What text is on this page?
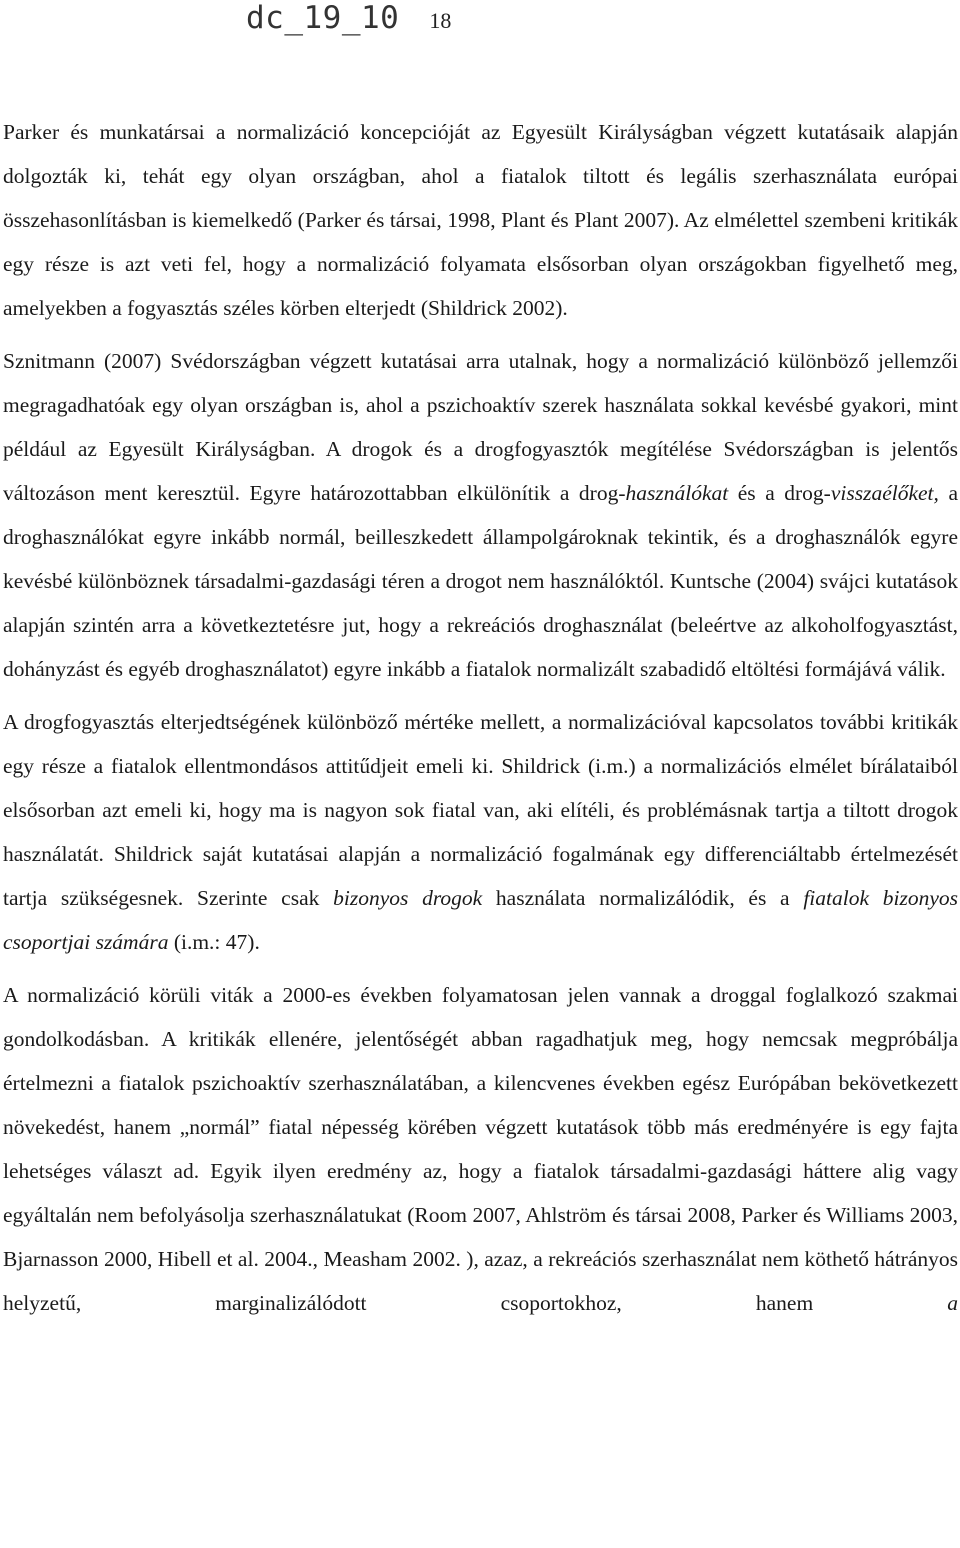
dc_19_10 18

Parker és munkatársai a normalizáció koncepcióját az Egyesült Királyságban végzett kutatásaik alapján dolgozták ki, tehát egy olyan országban, ahol a fiatalok tiltott és legális szerhasználata európai összehasonlításban is kiemelkedő (Parker és társai, 1998, Plant és Plant 2007). Az elmélettel szembeni kritikák egy része is azt veti fel, hogy a normalizáció folyamata elsősorban olyan országokban figyelhető meg, amelyekben a fogyasztás széles körben elterjedt (Shildrick 2002).

Sznitmann (2007) Svédországban végzett kutatásai arra utalnak, hogy a normalizáció különböző jellemzői megragadhatóak egy olyan országban is, ahol a pszichoaktív szerek használata sokkal kevésbé gyakori, mint például az Egyesült Királyságban. A drogok és a drogfogyasztók megítélése Svédországban is jelentős változáson ment keresztül. Egyre határozottabban elkülönítik a drog-használókat és a drog-visszaélőket, a droghasználókat egyre inkább normál, beilleszkedett állampolgároknak tekintik, és a droghasználók egyre kevésbé különböznek társadalmi-gazdasági téren a drogot nem használóktól. Kuntsche (2004) svájci kutatások alapján szintén arra a következtetésre jut, hogy a rekreációs droghasználat (beleértve az alkoholfogyasztást, dohányzást és egyéb droghasználatot) egyre inkább a fiatalok normalizált szabadidő eltöltési formájává válik.

A drogfogyasztás elterjedtségének különböző mértéke mellett, a normalizációval kapcsolatos további kritikák egy része a fiatalok ellentmondásos attitűdjeit emeli ki. Shildrick (i.m.) a normalizációs elmélet bírálataiból elsősorban azt emeli ki, hogy ma is nagyon sok fiatal van, aki elítéli, és problémásnak tartja a tiltott drogok használatát. Shildrick saját kutatásai alapján a normalizáció fogalmának egy differenciáltabb értelmezését tartja szükségesnek. Szerinte csak bizonyos drogok használata normalizálódik, és a fiatalok bizonyos csoportjai számára (i.m.: 47).

A normalizáció körüli viták a 2000-es években folyamatosan jelen vannak a droggal foglalkozó szakmai gondolkodásban. A kritikák ellenére, jelentőségét abban ragadhatjuk meg, hogy nemcsak megpróbálja értelmezni a fiatalok pszichoaktív szerhasználatában, a kilencvenes években egész Európában bekövetkezett növekedést, hanem „normál” fiatal népesség körében végzett kutatások több más eredményére is egy fajta lehetséges választ ad. Egyik ilyen eredmény az, hogy a fiatalok társadalmi-gazdasági háttere alig vagy egyáltalán nem befolyásolja szerhasználatukat (Room 2007, Ahlström és társai 2008, Parker és Williams 2003, Bjarnasson 2000, Hibell et al. 2004., Measham 2002. ), azaz, a rekreációs szerhasználat nem köthető hátrányos helyzetű, marginalizálódott csoportokhoz, hanem a
